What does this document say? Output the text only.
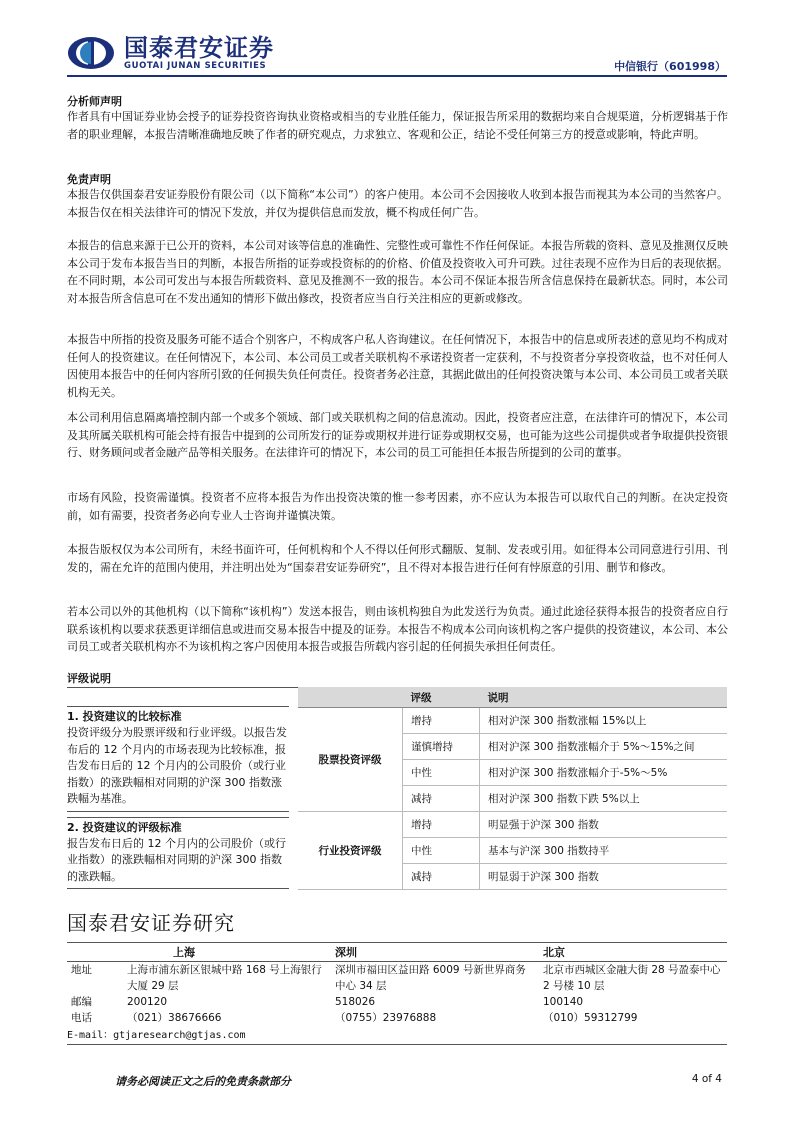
国泰君安证券
GUOTAI JUNAN SECURITIES	中信银行（601998）
分析师声明

作者具有中国证券业协会授予的证券投资咨询执业资格或相当的专业胜任能力，保证报告所采用的数据均来自合规渠道，分析逻辑基于作者的职业理解，本报告清晰准确地反映了作者的研究观点，力求独立、客观和公正，结论不受任何第三方的授意或影响，特此声明。

免责声明

本报告仅供国泰君安证券股份有限公司（以下简称“本公司”）的客户使用。本公司不会因接收人收到本报告而视其为本公司的当然客户。本报告仅在相关法律许可的情况下发放，并仅为提供信息而发放，概不构成任何广告。

本报告的信息来源于已公开的资料，本公司对该等信息的准确性、完整性或可靠性不作任何保证。本报告所载的资料、意见及推测仅反映本公司于发布本报告当日的判断，本报告所指的证券或投资标的的价格、价值及投资收入可升可跌。过往表现不应作为日后的表现依据。在不同时期，本公司可发出与本报告所载资料、意见及推测不一致的报告。本公司不保证本报告所含信息保持在最新状态。同时，本公司对本报告所含信息可在不发出通知的情形下做出修改，投资者应当自行关注相应的更新或修改。

本报告中所指的投资及服务可能不适合个别客户，不构成客户私人咨询建议。在任何情况下，本报告中的信息或所表述的意见均不构成对任何人的投资建议。在任何情况下，本公司、本公司员工或者关联机构不承诺投资者一定获利，不与投资者分享投资收益，也不对任何人因使用本报告中的任何内容所引致的任何损失负任何责任。投资者务必注意，其据此做出的任何投资决策与本公司、本公司员工或者关联机构无关。

本公司利用信息隔离墙控制内部一个或多个领域、部门或关联机构之间的信息流动。因此，投资者应注意，在法律许可的情况下，本公司及其所属关联机构可能会持有报告中提到的公司所发行的证券或期权并进行证券或期权交易，也可能为这些公司提供或者争取提供投资银行、财务顾问或者金融产品等相关服务。在法律许可的情况下，本公司的员工可能担任本报告所提到的公司的董事。

市场有风险，投资需谨慎。投资者不应将本报告为作出投资决策的惟一参考因素，亦不应认为本报告可以取代自己的判断。在决定投资前，如有需要，投资者务必向专业人士咨询并谨慎决策。

本报告版权仅为本公司所有，未经书面许可，任何机构和个人不得以任何形式翻版、复制、发表或引用。如征得本公司同意进行引用、刊发的，需在允许的范围内使用，并注明出处为“国泰君安证券研究”，且不得对本报告进行任何有悖原意的引用、删节和修改。

若本公司以外的其他机构（以下简称“该机构”）发送本报告，则由该机构独自为此发送行为负责。通过此途径获得本报告的投资者应自行联系该机构以要求获悉更详细信息或进而交易本报告中提及的证券。本报告不构成本公司向该机构之客户提供的投资建议，本公司、本公司员工或者关联机构亦不为该机构之客户因使用本报告或报告所载内容引起的任何损失承担任何责任。

评级说明
1. 投资建议的比较标准
投资评级分为股票评级和行业评级。以报告发布后的 12 个月内的市场表现为比较标准，报告发布日后的 12 个月内的公司股价（或行业指数）的涨跌幅相对同期的沪深 300 指数涨跌幅为基准。
2. 投资建议的评级标准
报告发布日后的 12 个月内的公司股价（或行业指数）的涨跌幅相对同期的沪深 300 指数的涨跌幅。
	评级	说明
股票投资评级	增持	相对沪深 300 指数涨幅 15%以上
	谨慎增持	相对沪深 300 指数涨幅介于 5%～15%之间
	中性	相对沪深 300 指数涨幅介于-5%～5%
	减持	相对沪深 300 指数下跌 5%以上
行业投资评级	增持	明显强于沪深 300 指数
	中性	基本与沪深 300 指数持平
	减持	明显弱于沪深 300 指数
国泰君安证券研究
	上海	深圳	北京
地址	上海市浦东新区银城中路 168 号上海银行大厦 29 层	深圳市福田区益田路 6009 号新世界商务中心 34 层	北京市西城区金融大街 28 号盈泰中心 2 号楼 10 层
邮编	200120	518026	100140
电话	（021）38676666	（0755）23976888	（010）59312799
E-mail：gtjaresearch@gtjas.com
请务必阅读正文之后的免责条款部分	4 of 4
